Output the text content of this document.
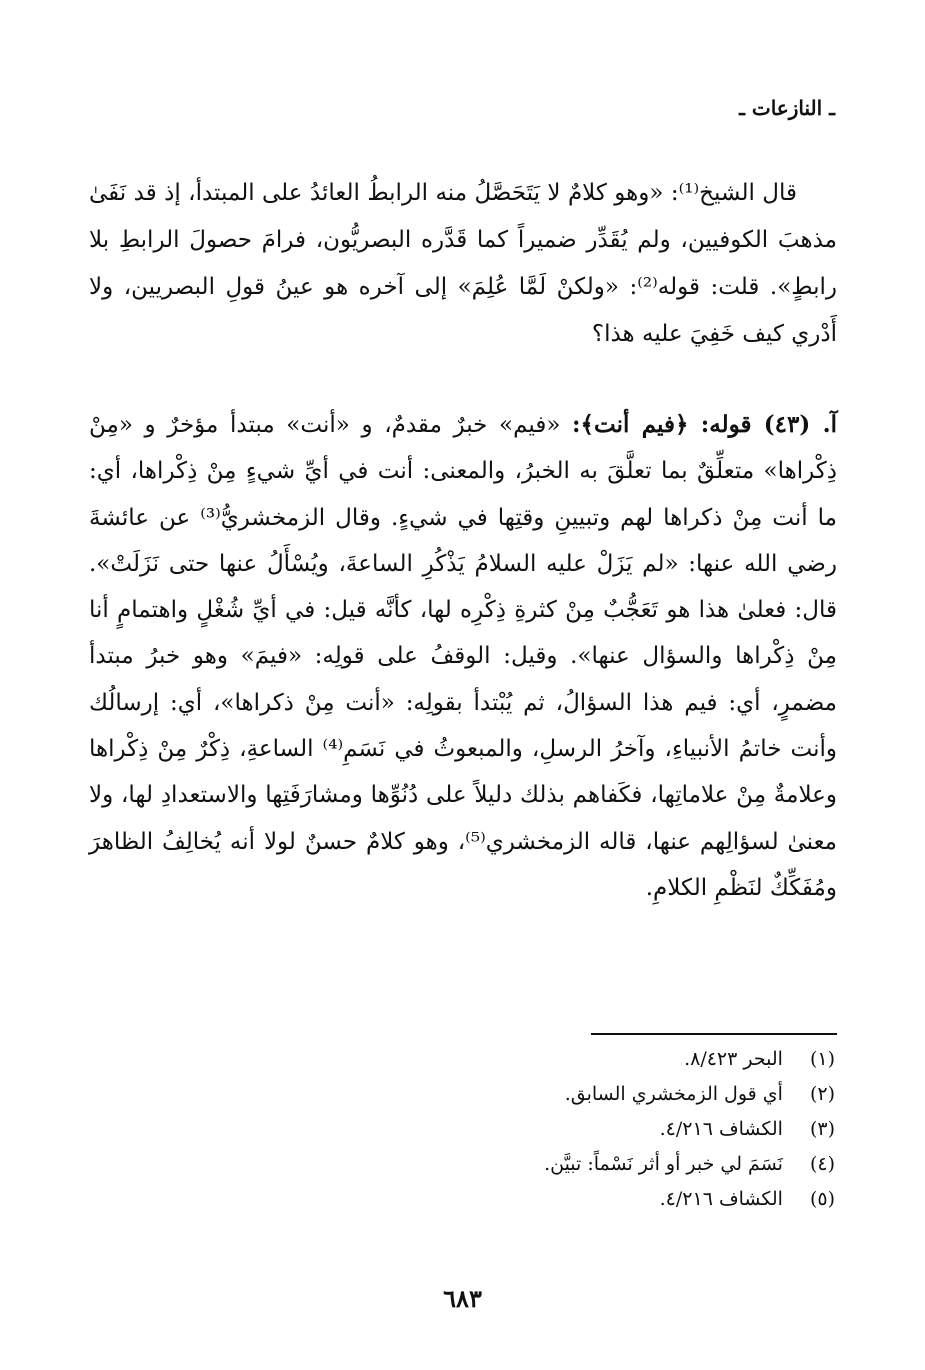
ـ النازعات ـ

قال الشيخ⁽¹⁾: «وهو كلامٌ لا يَتَحَصَّلُ منه الرابطُ العائدُ على المبتدأ، إذ قد نَفَىٰ مذهبَ الكوفيين، ولم يُقَدِّر ضميراً كما قَدَّره البصريُّون، فرامَ حصولَ الرابطِ بلا رابطٍ». قلت: قوله⁽²⁾: «ولكنْ لَمَّا عُلِمَ» إلى آخره هو عينُ قولِ البصريين، ولا أَدْري كيف خَفِيَ عليه هذا؟

آ. (٤٣) قوله: ﴿فيم أنت﴾: «فيم» خبرٌ مقدمٌ، و «أنت» مبتدأ مؤخرٌ و «مِنْ ذِكْراها» متعلِّقٌ بما تعلَّقَ به الخبرُ، والمعنى: أنت في أيِّ شيءٍ مِنْ ذِكْراها، أي: ما أنت مِنْ ذكراها لهم وتبيينِ وقتِها في شيءٍ. وقال الزمخشريُّ⁽³⁾ عن عائشةَ رضي الله عنها: «لم يَزَلْ عليه السلامُ يَذْكُرِ الساعةَ، ويُسْأَلُ عنها حتى نَزَلَتْ». قال: فعلىٰ هذا هو تَعَجُّبٌ مِنْ كثرةِ ذِكْرِه لها، كأنَّه قيل: في أيِّ شُغْلٍ واهتمامٍ أنا مِنْ ذِكْراها والسؤال عنها». وقيل: الوقفُ على قولِه: «فيمَ» وهو خبرُ مبتدأ مضمرٍ، أي: فيم هذا السؤالُ، ثم يُبْتدأ بقولِه: «أنت مِنْ ذكراها»، أي: إرسالُك وأنت خاتمُ الأنبياءِ، وآخرُ الرسلِ، والمبعوثُ في نَسَمِ⁽⁴⁾ الساعةِ، ذِكْرٌ مِنْ ذِكْراها وعلامةٌ مِنْ علاماتِها، فكَفاهم بذلك دليلاً على دُنُوِّها ومشارَفَتِها والاستعدادِ لها، ولا معنىٰ لسؤالِهم عنها، قاله الزمخشري⁽⁵⁾، وهو كلامٌ حسنٌ لولا أنه يُخالِفُ الظاهرَ ومُفَكِّكٌ لنَظْمِ الكلامِ.

(١) البحر ٨/٤٢٣.
(٢) أي قول الزمخشري السابق.
(٣) الكشاف ٤/٢١٦.
(٤) نَسَمَ لي خبر أو أثر نَسْماً: تبيَّن.
(٥) الكشاف ٤/٢١٦.
٦٨٣
